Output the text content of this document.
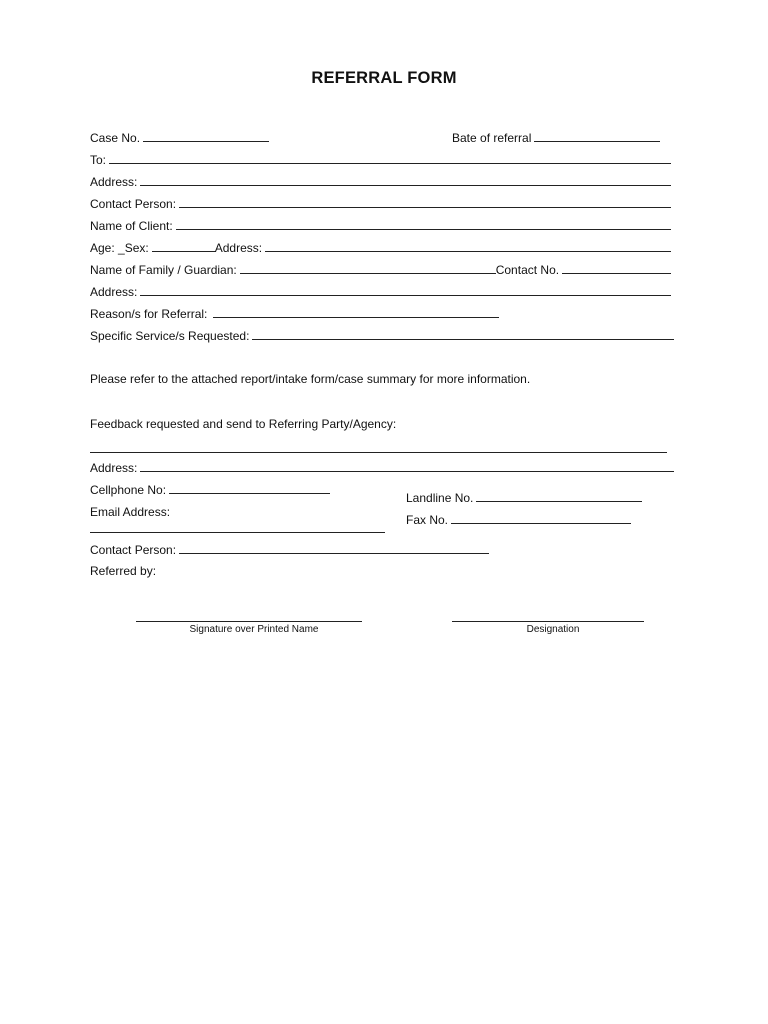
REFERRAL FORM
Case No.	Bate of referral
To:
Address:
Contact Person:
Name of Client:
Age: _ Sex:	Address:
Name of Family / Guardian:	Contact No.
Address:
Reason/s for Referral:
Specific Service/s Requested:
Please refer to the attached report/intake form/case summary for more information.
Feedback requested and send to Referring Party/Agency:
Address:
Cellphone No:
Landline No.
Email Address:
Fax No.
Contact Person:
Referred by:
Signature over Printed Name	Designation
